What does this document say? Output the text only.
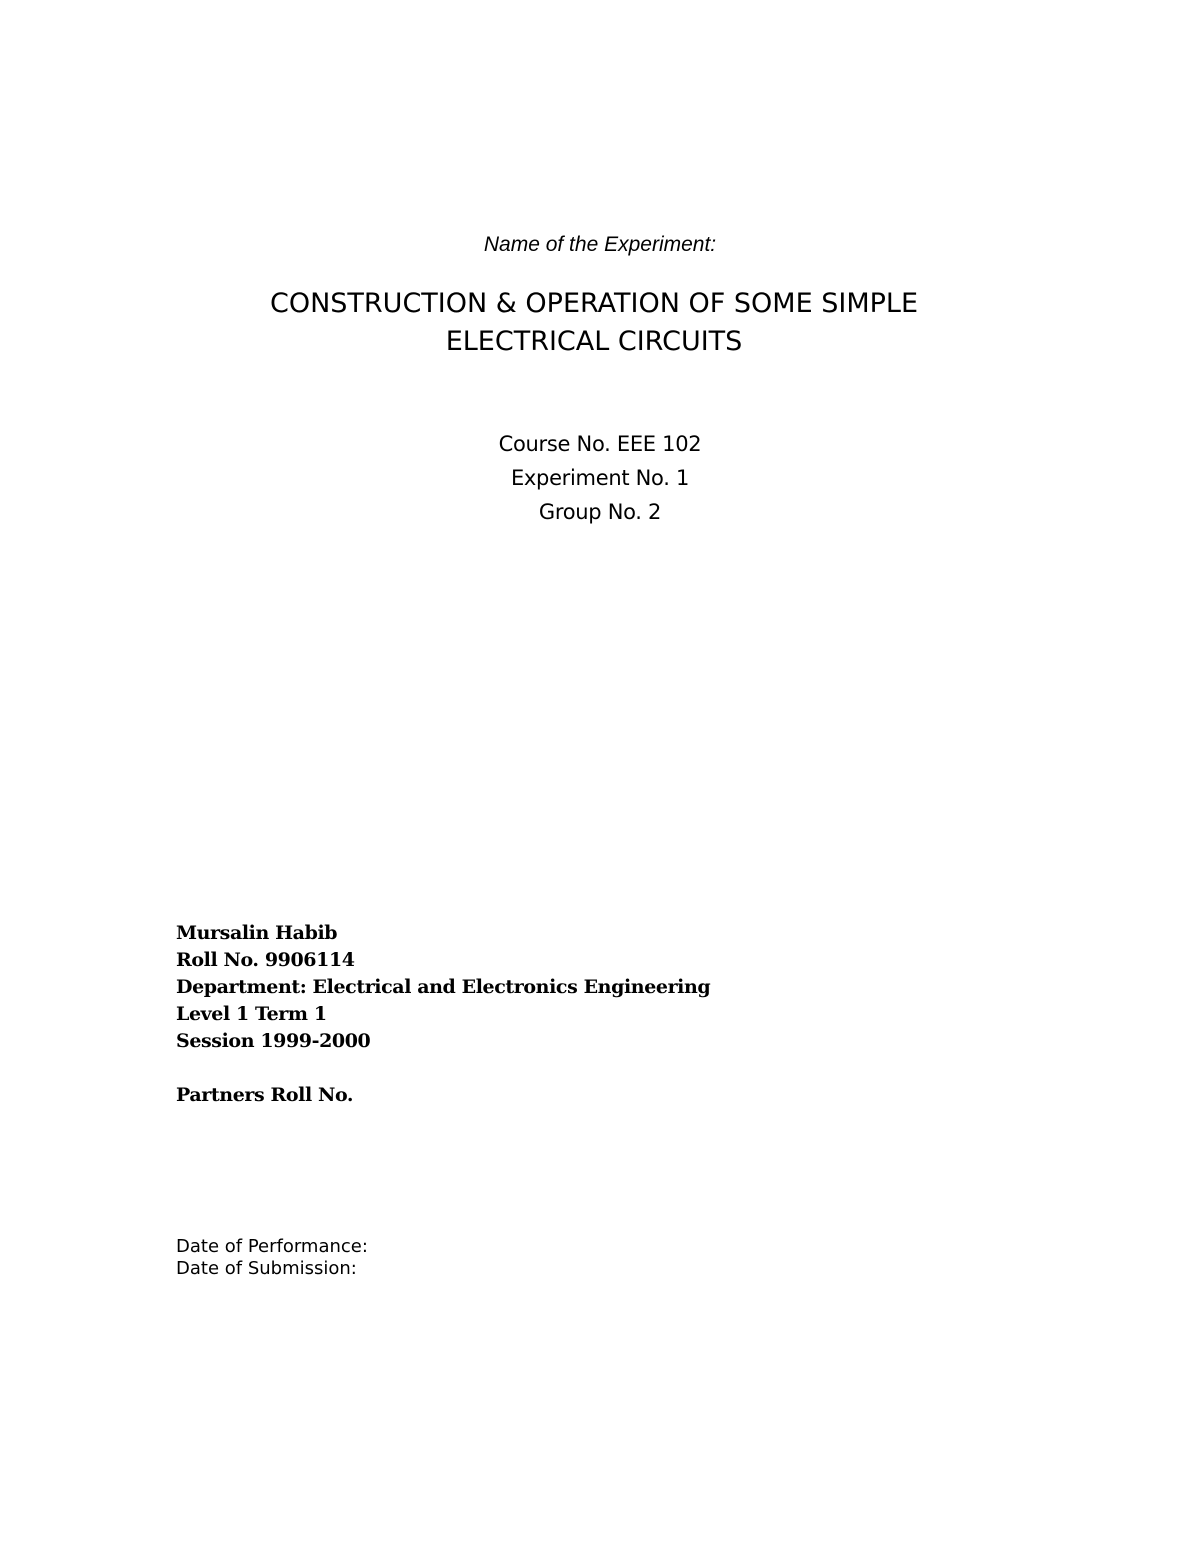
Name of the Experiment:

CONSTRUCTION & OPERATION OF SOME SIMPLE

ELECTRICAL CIRCUITS

Course No. EEE 102

Experiment No. 1

Group No. 2

Mursalin Habib

Roll No. 9906114

Department: Electrical and Electronics Engineering

Level 1 Term 1

Session 1999-2000

Partners Roll No.

Date of Performance:

Date of Submission:
